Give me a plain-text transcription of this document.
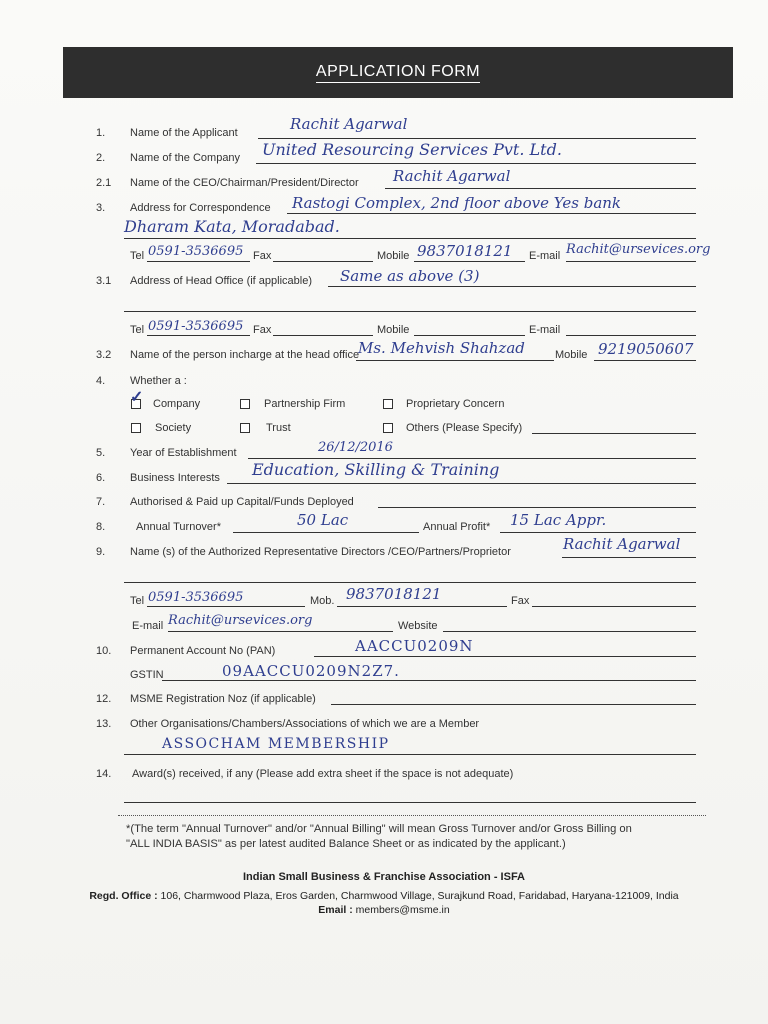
APPLICATION FORM
1. Name of the Applicant	Rachit Agarwal
2. Name of the Company United Resourcing Services Pvt. Ltd.
2.1 Name of the CEO/Chairman/President/Director Rachit Agarwal
3. Address for Correspondence Rastogi Complex, 2nd floor above Yes bank
Dharam Kata, Moradabad.
Tel 0591-3536695 Fax	Mobile 9837018121 E-mail Rachit@ursevices.org
3.1 Address of Head Office (if applicable) Same as above (3)
Tel 0591-3536695 Fax	Mobile	E-mail
3.2 Name of the person incharge at the head office
Ms. Mehvish Shahzad	Mobile 9219050607
4. Whether a :
✓ Company	Partnership Firm	Proprietary Concern
Society	Trust	Others (Please Specify)
5. Year of Establishment	26/12/2016
6. Business Interests Education, Skilling & Training
7. Authorised & Paid up Capital/Funds Deployed
8.	Annual Turnover*	50 Lac	Annual Profit* 15 Lac Appr.
9. Name (s) of the Authorized Representative Directors /CEO/Partners/Proprietor	Rachit Agarwal
Tel 0591-3536695	Mob. 9837018121	Fax
E-mail Rachit@ursevices.org	Website
10. Permanent Account No (PAN)	AACCU0209N
GSTIN	09AACCU0209N2Z7.
12. MSME Registration Noz (if applicable)
13. Other Organisations/Chambers/Associations of which we are a Member
ASSOCHAM MEMBERSHIP
14. Award(s) received, if any (Please add extra sheet if the space is not adequate)
*(The term "Annual Turnover" and/or "Annual Billing" will mean Gross Turnover and/or Gross Billing on
"ALL INDIA BASIS" as per latest audited Balance Sheet or as indicated by the applicant.)
Indian Small Business & Franchise Association - ISFA
Regd. Office : 106, Charmwood Plaza, Eros Garden, Charmwood Village, Surajkund Road, Faridabad, Haryana-121009, India
Email : members@msme.in
